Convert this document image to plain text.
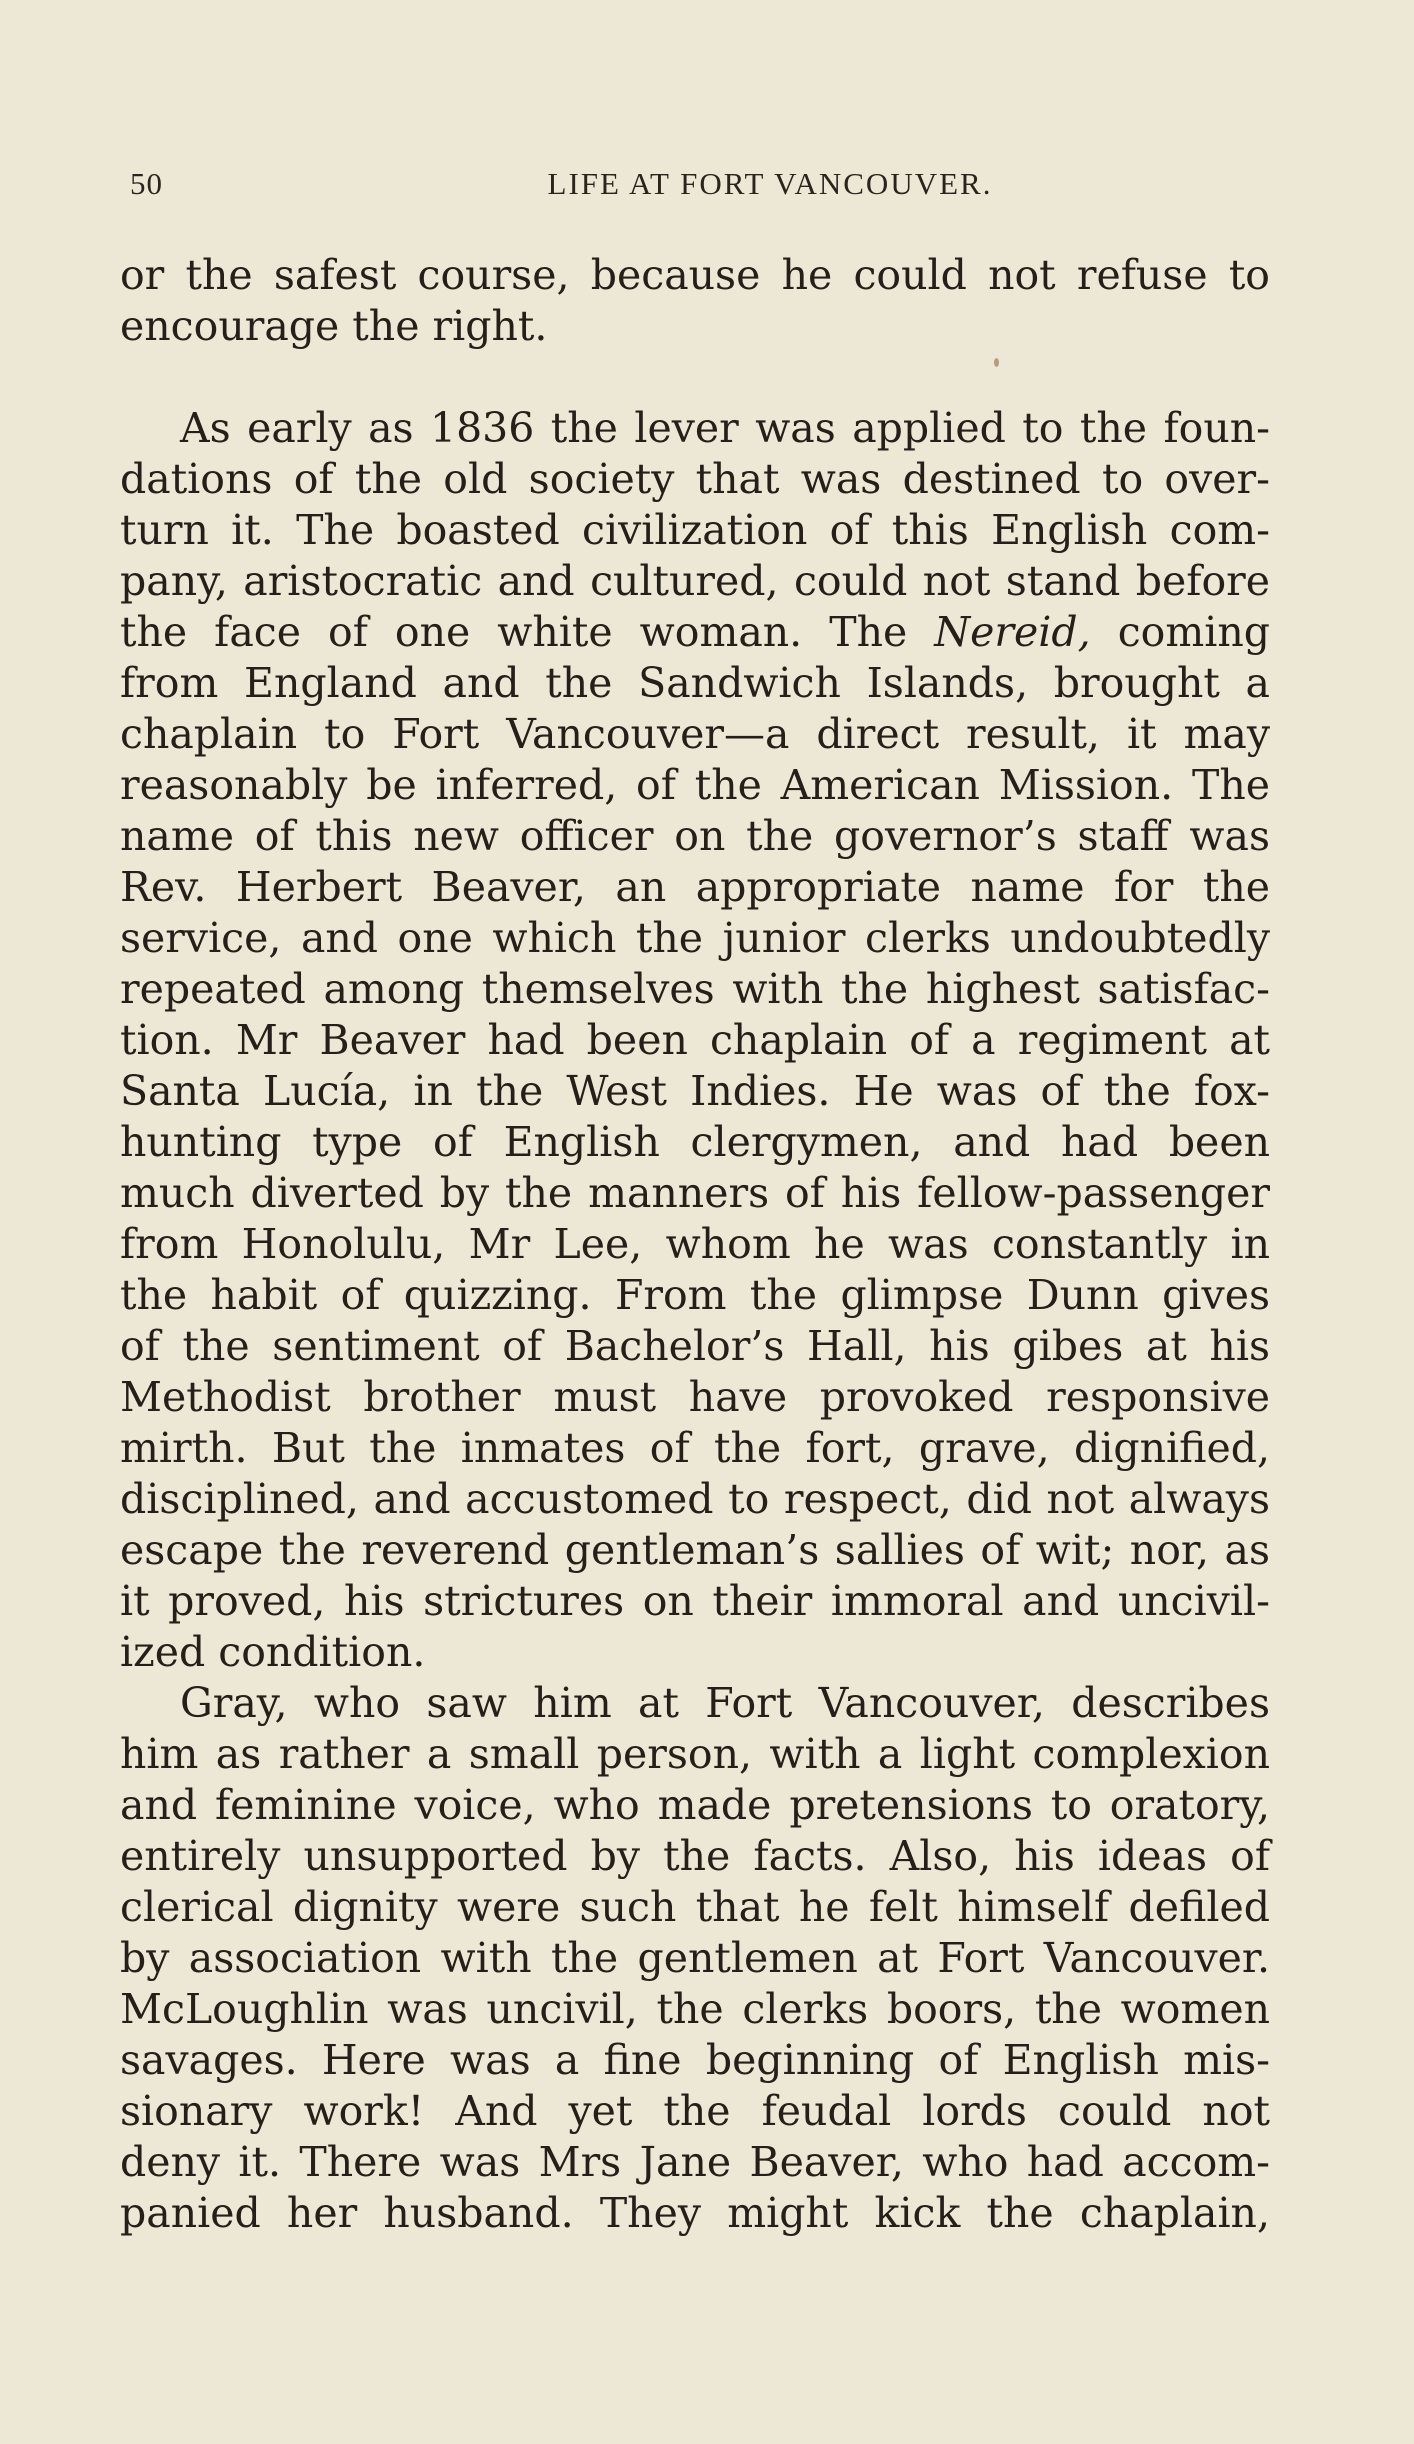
50	LIFE AT FORT VANCOUVER.
or the safest course, because he could not refuse to
encourage the right.
As early as 1836 the lever was applied to the foun-
dations of the old society that was destined to over-
turn it. The boasted civilization of this English com-
pany, aristocratic and cultured, could not stand before
the face of one white woman. The Nereid, coming
from England and the Sandwich Islands, brought a
chaplain to Fort Vancouver—a direct result, it may
reasonably be inferred, of the American Mission. The
name of this new officer on the governor’s staff was
Rev. Herbert Beaver, an appropriate name for the
service, and one which the junior clerks undoubtedly
repeated among themselves with the highest satisfac-
tion. Mr Beaver had been chaplain of a regiment at
Santa Lucía, in the West Indies. He was of the fox-
hunting type of English clergymen, and had been
much diverted by the manners of his fellow-passenger
from Honolulu, Mr Lee, whom he was constantly in
the habit of quizzing. From the glimpse Dunn gives
of the sentiment of Bachelor’s Hall, his gibes at his
Methodist brother must have provoked responsive
mirth. But the inmates of the fort, grave, dignified,
disciplined, and accustomed to respect, did not always
escape the reverend gentleman’s sallies of wit; nor, as
it proved, his strictures on their immoral and uncivil-
ized condition.
Gray, who saw him at Fort Vancouver, describes
him as rather a small person, with a light complexion
and feminine voice, who made pretensions to oratory,
entirely unsupported by the facts. Also, his ideas of
clerical dignity were such that he felt himself defiled
by association with the gentlemen at Fort Vancouver.
McLoughlin was uncivil, the clerks boors, the women
savages. Here was a fine beginning of English mis-
sionary work! And yet the feudal lords could not
deny it. There was Mrs Jane Beaver, who had accom-
panied her husband. They might kick the chaplain,
